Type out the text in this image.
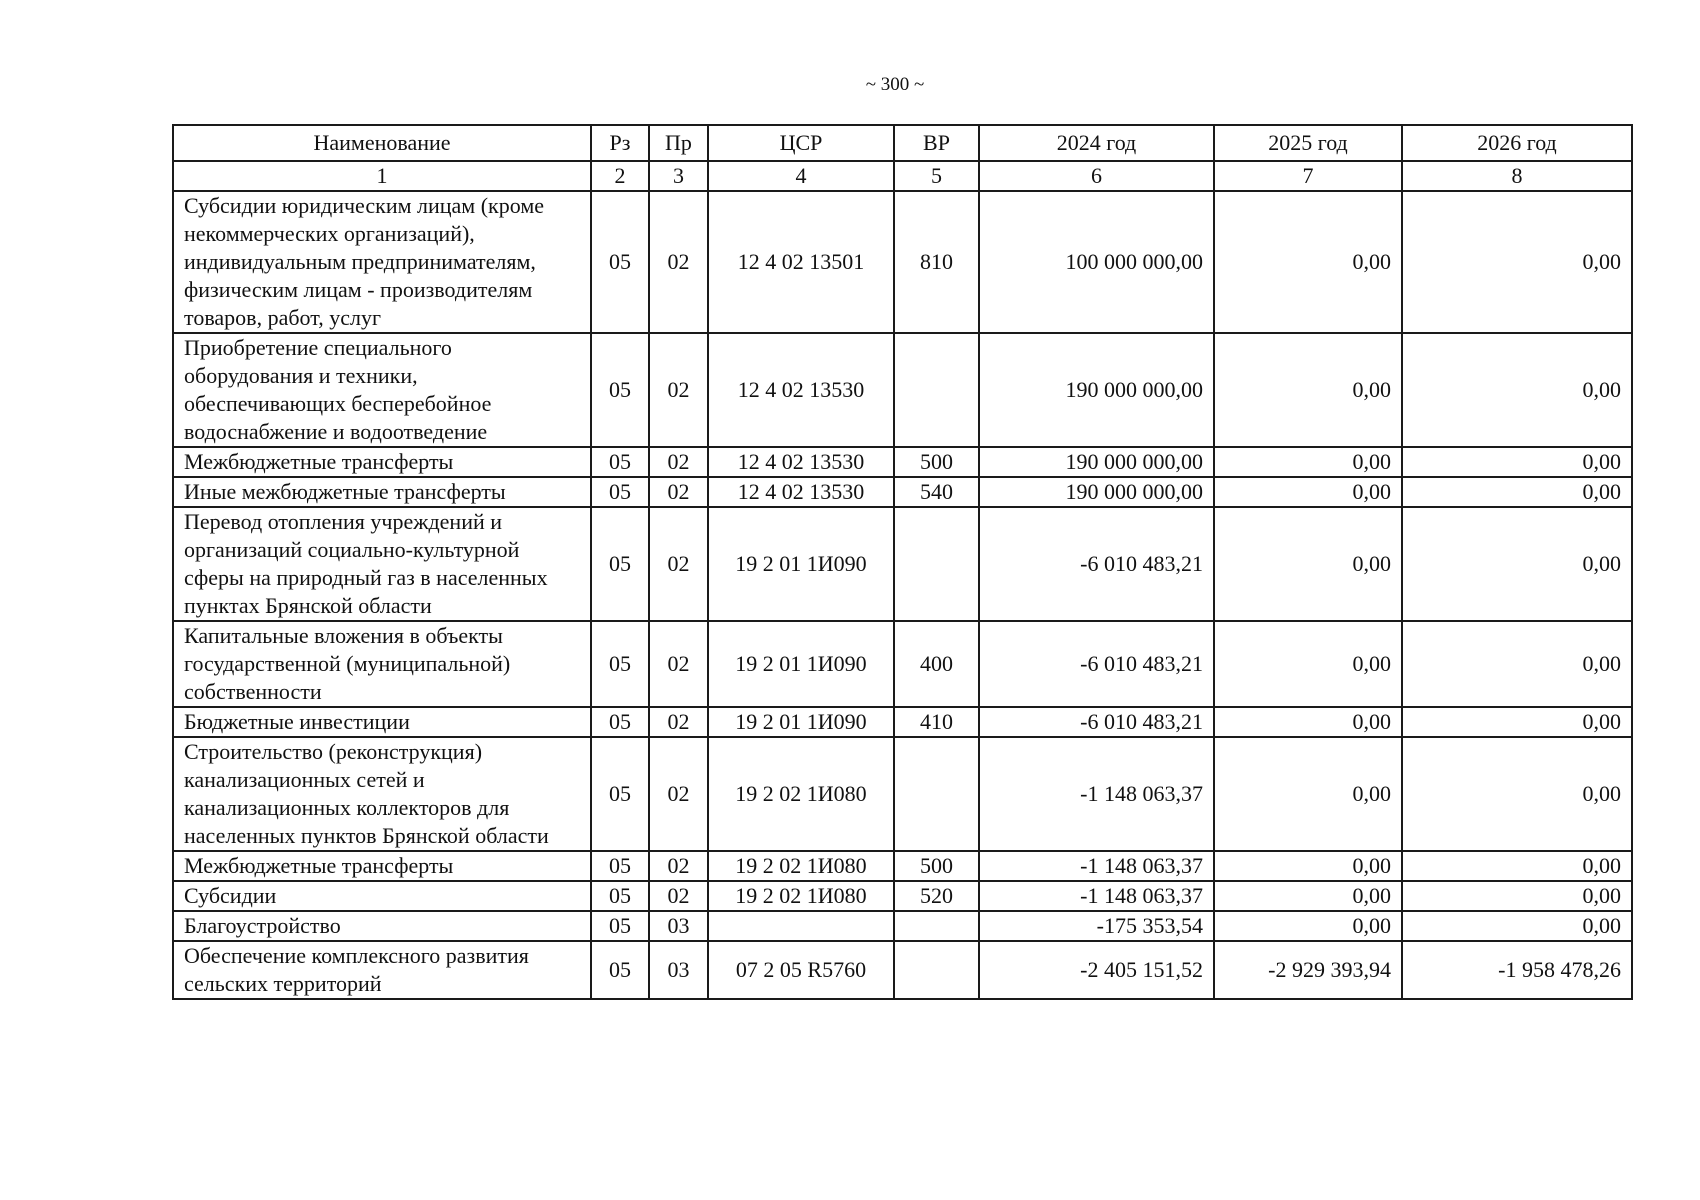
~ 300 ~
Наименование	Рз	Пр	ЦСР	ВР	2024 год	2025 год	2026 год
1	2	3	4	5	6	7	8
Субсидии юридическим лицам (кроме некоммерческих организаций), индивидуальным предпринимателям, физическим лицам - производителям товаров, работ, услуг	05	02	12 4 02 13501	810	100 000 000,00	0,00	0,00
Приобретение специального оборудования и техники, обеспечивающих бесперебойное водоснабжение и водоотведение	05	02	12 4 02 13530		190 000 000,00	0,00	0,00
Межбюджетные трансферты	05	02	12 4 02 13530	500	190 000 000,00	0,00	0,00
Иные межбюджетные трансферты	05	02	12 4 02 13530	540	190 000 000,00	0,00	0,00
Перевод отопления учреждений и организаций социально-культурной сферы на природный газ в населенных пунктах Брянской области	05	02	19 2 01 1И090		-6 010 483,21	0,00	0,00
Капитальные вложения в объекты государственной (муниципальной) собственности	05	02	19 2 01 1И090	400	-6 010 483,21	0,00	0,00
Бюджетные инвестиции	05	02	19 2 01 1И090	410	-6 010 483,21	0,00	0,00
Строительство (реконструкция) канализационных сетей и канализационных коллекторов для населенных пунктов Брянской области	05	02	19 2 02 1И080		-1 148 063,37	0,00	0,00
Межбюджетные трансферты	05	02	19 2 02 1И080	500	-1 148 063,37	0,00	0,00
Субсидии	05	02	19 2 02 1И080	520	-1 148 063,37	0,00	0,00
Благоустройство	05	03			-175 353,54	0,00	0,00
Обеспечение комплексного развития сельских территорий	05	03	07 2 05 R5760		-2 405 151,52	-2 929 393,94	-1 958 478,26
